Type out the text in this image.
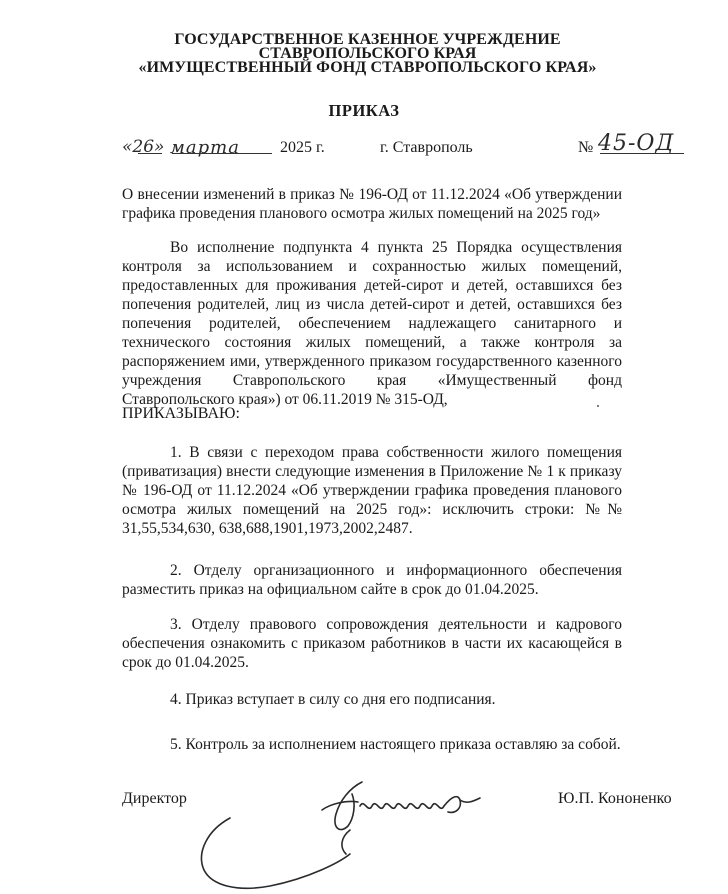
ГОСУДАРСТВЕННОЕ КАЗЕННОЕ УЧРЕЖДЕНИЕ
СТАВРОПОЛЬСКОГО КРАЯ
«ИМУЩЕСТВЕННЫЙ ФОНД СТАВРОПОЛЬСКОГО КРАЯ»
ПРИКАЗ
«26» марта	2025 г.	г. Ставрополь	№ 45-ОД
О внесении изменений в приказ № 196-ОД от 11.12.2024 «Об утверждении графика проведения планового осмотра жилых помещений на 2025 год»
Во исполнение подпункта 4 пункта 25 Порядка осуществления контроля за использованием и сохранностью жилых помещений, предоставленных для проживания детей-сирот и детей, оставшихся без попечения родителей, лиц из числа детей-сирот и детей, оставшихся без попечения родителей, обеспечением надлежащего санитарного и технического состояния жилых помещений, а также контроля за распоряжением ими, утвержденного приказом государственного казенного учреждения Ставропольского края «Имущественный фонд Ставропольского края») от 06.11.2019 № 315-ОД,
ПРИКАЗЫВАЮ:
1. В связи с переходом права собственности жилого помещения (приватизация) внести следующие изменения в Приложение № 1 к приказу № 196-ОД от 11.12.2024 «Об утверждении графика проведения планового осмотра жилых помещений на 2025 год»: исключить строки: №№ 31,55,534,630, 638,688,1901,1973,2002,2487.
2. Отделу организационного и информационного обеспечения разместить приказ на официальном сайте в срок до 01.04.2025.
3. Отделу правового сопровождения деятельности и кадрового обеспечения ознакомить с приказом работников в части их касающейся в срок до 01.04.2025.
4. Приказ вступает в силу со дня его подписания.
5. Контроль за исполнением настоящего приказа оставляю за собой.
Директор	Ю.П. Кононенко
